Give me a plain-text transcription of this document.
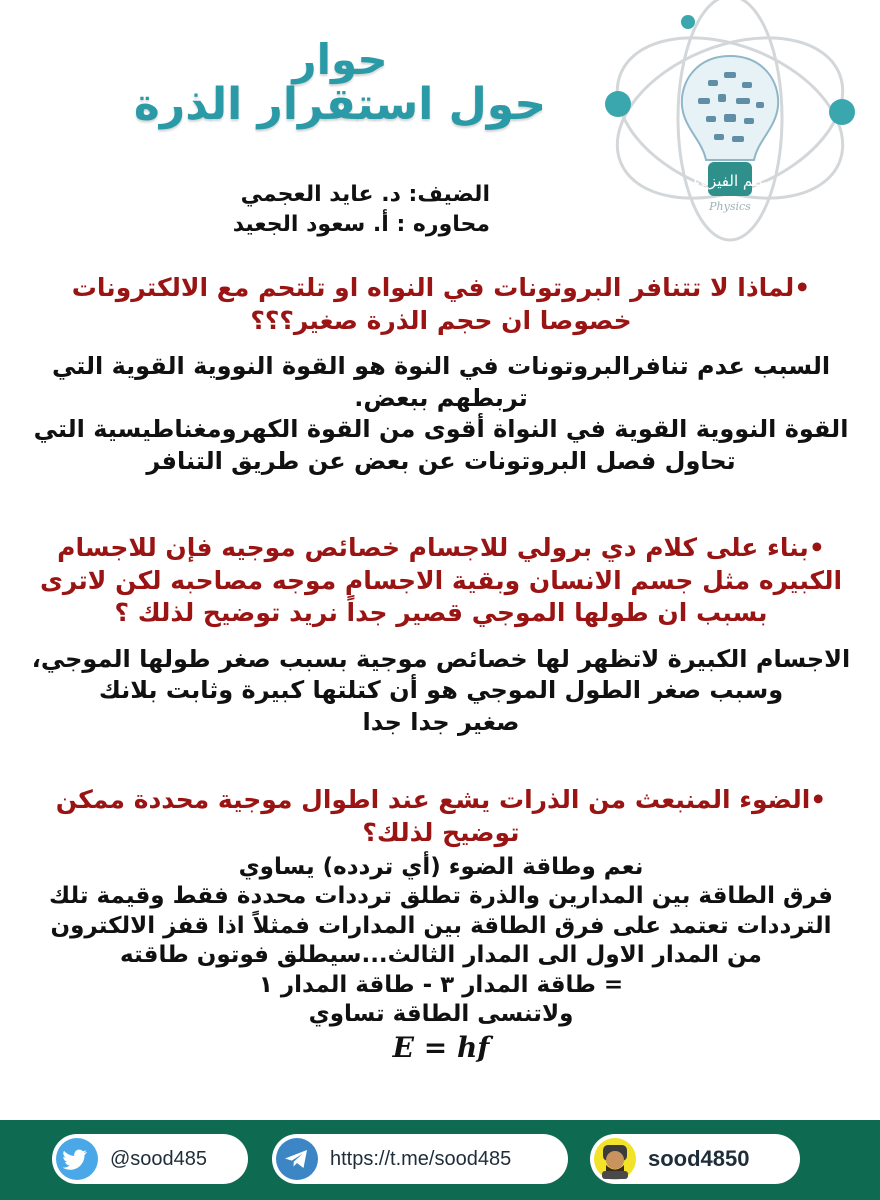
علم الفيزياء
Physics
حوار
حول استقرار الذرة
الضيف: د. عايد العجمي
محاوره : أ. سعود الجعيد
•لماذا لا تتنافر البروتونات في النواه او تلتحم مع الالكترونات خصوصا ان حجم الذرة صغير؟؟؟
السبب عدم تنافرالبروتونات في النوة هو القوة النووية القوية التي
تربطهم ببعض.
القوة النووية القوية في النواة أقوى من القوة الكهرومغناطيسية التي
تحاول فصل البروتونات عن بعض عن طريق التنافر
•بناء على كلام دي برولي للاجسام خصائص موجيه فإن للاجسام الكبيره مثل جسم الانسان وبقية الاجسام موجه مصاحبه لكن لاترى بسبب ان طولها الموجي قصير جداً نريد توضيح لذلك ؟
الاجسام الكبيرة لاتظهر لها خصائص موجية بسبب صغر طولها الموجي،
وسبب صغر الطول الموجي هو أن كتلتها كبيرة وثابت بلانك
صغير جدا جدا
•الضوء المنبعث من الذرات يشع عند اطوال موجية محددة ممكن توضيح لذلك؟
نعم وطاقة الضوء (أي تردده) يساوي
فرق الطاقة بين المدارين والذرة تطلق ترددات محددة فقط وقيمة تلك
الترددات تعتمد على فرق الطاقة بين المدارات فمثلاً اذا قفز الالكترون
من المدار الاول الى المدار الثالث...سيطلق فوتون طاقته
= طاقة المدار ٣ - طاقة المدار ١
ولاتنسى الطاقة تساوي
E = hf
@sood485	https://t.me/sood485	sood4850
